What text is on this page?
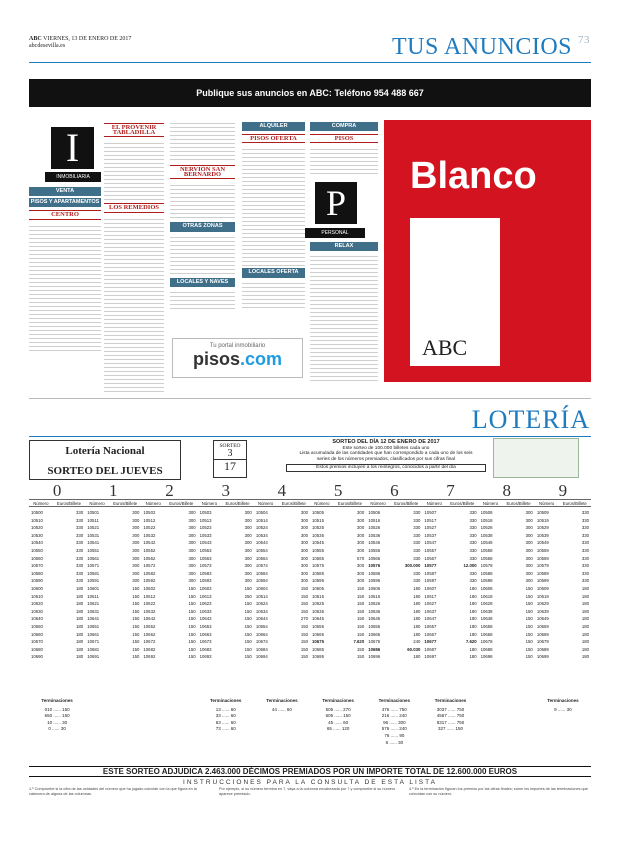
ABC VIERNES, 13 DE ENERO DE 2017
abcdesevilla.es	TUS ANUNCIOS $^{73}$
Publique sus anuncios en ABC: Teléfono 954 488 667
I
INMOBILIARIA
VENTA
PISOS Y APARTAMENTOS
CENTRO
EL PROVENIR TABLADILLA
LOS REMEDIOS
NERVIÓN SAN BERNARDO
OTRAS ZONAS
LOCALES Y NAVES
ALQUILER
PISOS OFERTA
LOCALES OFERTA
COMPRA
PISOS
P
PERSONAL
RELAX
Tu portal inmobiliario
pisos.com
Blanco
ABC
LOTERÍA
Lotería Nacional
SORTEO DEL JUEVES
SORTEO
3
17
SORTEO DEL DÍA 12 DE ENERO DE 2017
Este sorteo de 100.000 billetes cada uno
Lista acumulada de las cantidades que han correspondido a cada uno de los seis
series de los números premiados, clasificados por sus cifras final
Estos premios incluyen a los reintegros, conocidos a partir del día
0	1	2	3	4	5	6	7	8	9
Número Euros/Billete Número Euros/Billete Número Euros/Billete Número Euros/Billete Número Euros/Billete Número Euros/Billete Número Euros/Billete Número Euros/Billete Número Euros/Billete Número Euros/Billete
10500	330
10510	330
10520	330
10530	330
10540	330
10550	330
10560	330
10570	330
10580	330
10590	330
10600	180
10610	180
10620	180
10630	180
10640	180
10650	180
10660	180
10670	180
10680	180
10690	180
10501	300
10511	300
10521	300
10531	300
10541	300
10551	300
10561	300
10571	300
10581	300
10591	300
10601	150
10611	150
10621	150
10631	150
10641	150
10651	150
10661	150
10671	150
10681	150
10691	150
10502	300
10512	300
10522	300
10532	300
10542	300
10552	300
10562	300
10572	300
10582	300
10592	300
10602	150
10612	150
10622	150
10632	150
10642	150
10652	150
10662	150
10672	150
10682	150
10692	150
10503	300
10513	300
10523	300
10533	300
10543	300
10553	300
10563	300
10573	300
10583	300
10593	300
10603	150
10613	250
10623	150
10633	150
10643	150
10653	150
10663	150
10673	150
10683	150
10693	150
10504	300
10514	300
10524	300
10534	300
10544	300
10554	300
10564	300
10574	300
10584	300
10594	300
10604	150
10614	150
10624	150
10634	150
10644	270
10654	150
10664	150
10674	150
10684	150
10694	150
10505	300
10515	300
10525	300
10535	300
10545	300
10555	300
10565	570
10575	300
10585	300
10595	300
10605	150
10615	150
10625	150
10635	150
10645	150
10655	150
10665	150
10675	7.620
10685	150
10695	150
10506	330
10516	330
10526	330
10536	330
10546	330
10556	330
10566	330
10576	300.000
10586	330
10596	330
10606	180
10616	180
10626	180
10636	180
10646	180
10656	180
10666	180
10676	240
10686	60.030
10696	180
10507	330
10517	330
10527	330
10537	330
10547	330
10557	330
10567	330
10577	12.000
10587	330
10597	330
10607	180
10617	180
10627	180
10637	180
10647	180
10657	180
10667	180
10677	7.620
10687	180
10697	180
10508	300
10518	300
10528	300
10538	300
10548	300
10558	300
10568	300
10578	300
10588	300
10598	300
10608	150
10618	150
10628	150
10638	150
10648	150
10658	150
10668	150
10678	150
10688	150
10698	150
10509	330
10519	330
10529	330
10539	330
10549	330
10559	330
10569	330
10579	330
10589	330
10599	330
10609	180
10619	180
10629	180
10639	180
10649	180
10659	180
10669	180
10679	180
10689	180
10699	180
Terminaciones
010 ...... 150
650 ...... 150
10 ...... 30
0 ...... 30
Terminaciones
13 ...... 60
33 ...... 60
63 ...... 60
73 ...... 60
Terminaciones
44 ...... 60
Terminaciones
505 ...... 270
605 ...... 150
45 ...... 60
65 ...... 120
Terminaciones
476 ...... 750
216 ...... 240
96 ...... 300
576 ...... 240
76 ...... 90
6 ...... 30
Terminaciones
3037 ...... 750
4567 ...... 750
8317 ...... 750
327 ...... 150
Terminaciones
9 ...... 30
ESTE SORTEO ADJUDICA 2.463.000 DÉCIMOS PREMIADOS POR UN IMPORTE TOTAL DE 12.600.000 EUROS
INSTRUCCIONES PARA LA CONSULTA DE ESTA LISTA
1.º Compruebe si la cifra de las unidades del número que ha jugado coincide con la que figura en la cabecera de alguna de las columnas.
Por ejemplo, si su número termina en 7, vaya a la columna encabezada por 7 y compruebe si su número aparece premiado.
4.º En la terminación figuran los premios por las cifras finales; sume los importes de las terminaciones que coincidan con su número.
